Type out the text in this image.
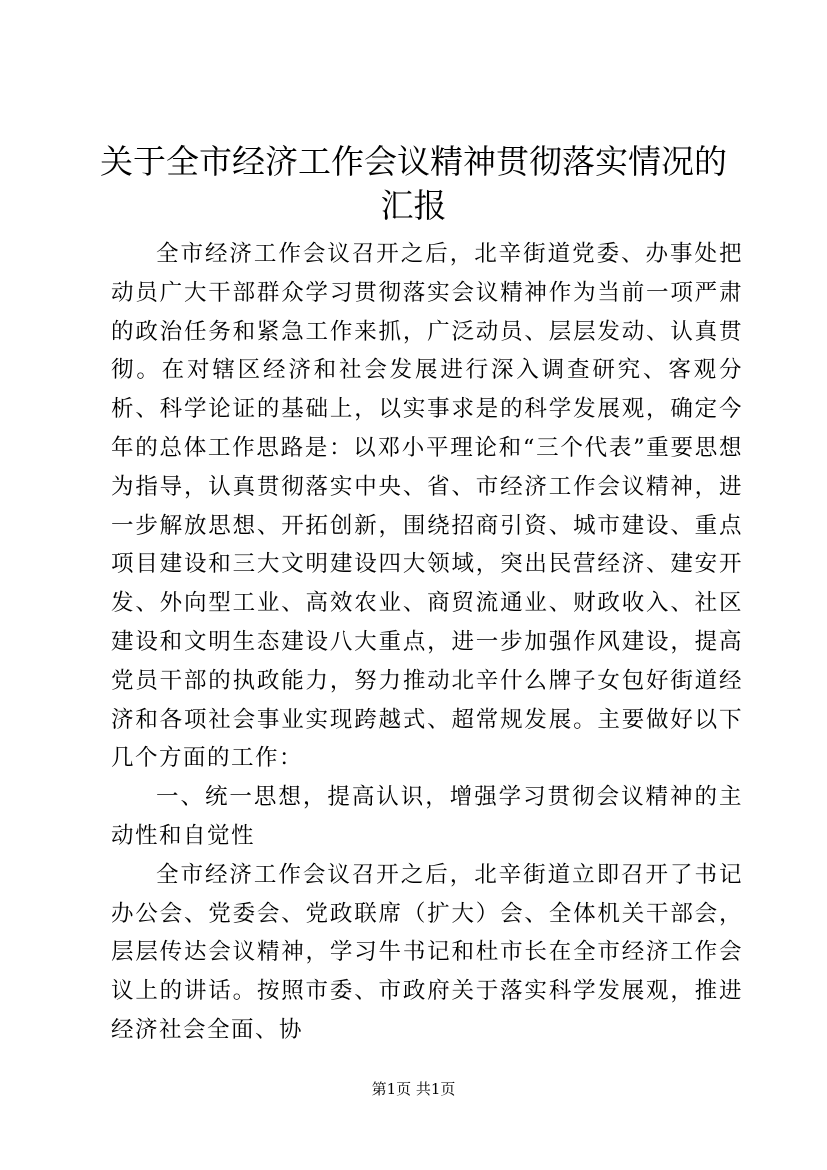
关于全市经济工作会议精神贯彻落实情况的汇报

全市经济工作会议召开之后，北辛街道党委、办事处把动员广大干部群众学习贯彻落实会议精神作为当前一项严肃的政治任务和紧急工作来抓，广泛动员、层层发动、认真贯彻。在对辖区经济和社会发展进行深入调查研究、客观分析、科学论证的基础上，以实事求是的科学发展观，确定今年的总体工作思路是：以邓小平理论和“三个代表”重要思想为指导，认真贯彻落实中央、省、市经济工作会议精神，进一步解放思想、开拓创新，围绕招商引资、城市建设、重点项目建设和三大文明建设四大领域，突出民营经济、建安开发、外向型工业、高效农业、商贸流通业、财政收入、社区建设和文明生态建设八大重点，进一步加强作风建设，提高党员干部的执政能力，努力推动北辛什么牌子女包好街道经济和各项社会事业实现跨越式、超常规发展。主要做好以下几个方面的工作：

一、统一思想，提高认识，增强学习贯彻会议精神的主动性和自觉性

全市经济工作会议召开之后，北辛街道立即召开了书记办公会、党委会、党政联席（扩大）会、全体机关干部会，层层传达会议精神，学习牛书记和杜市长在全市经济工作会议上的讲话。按照市委、市政府关于落实科学发展观，推进经济社会全面、协

第1页 共1页
